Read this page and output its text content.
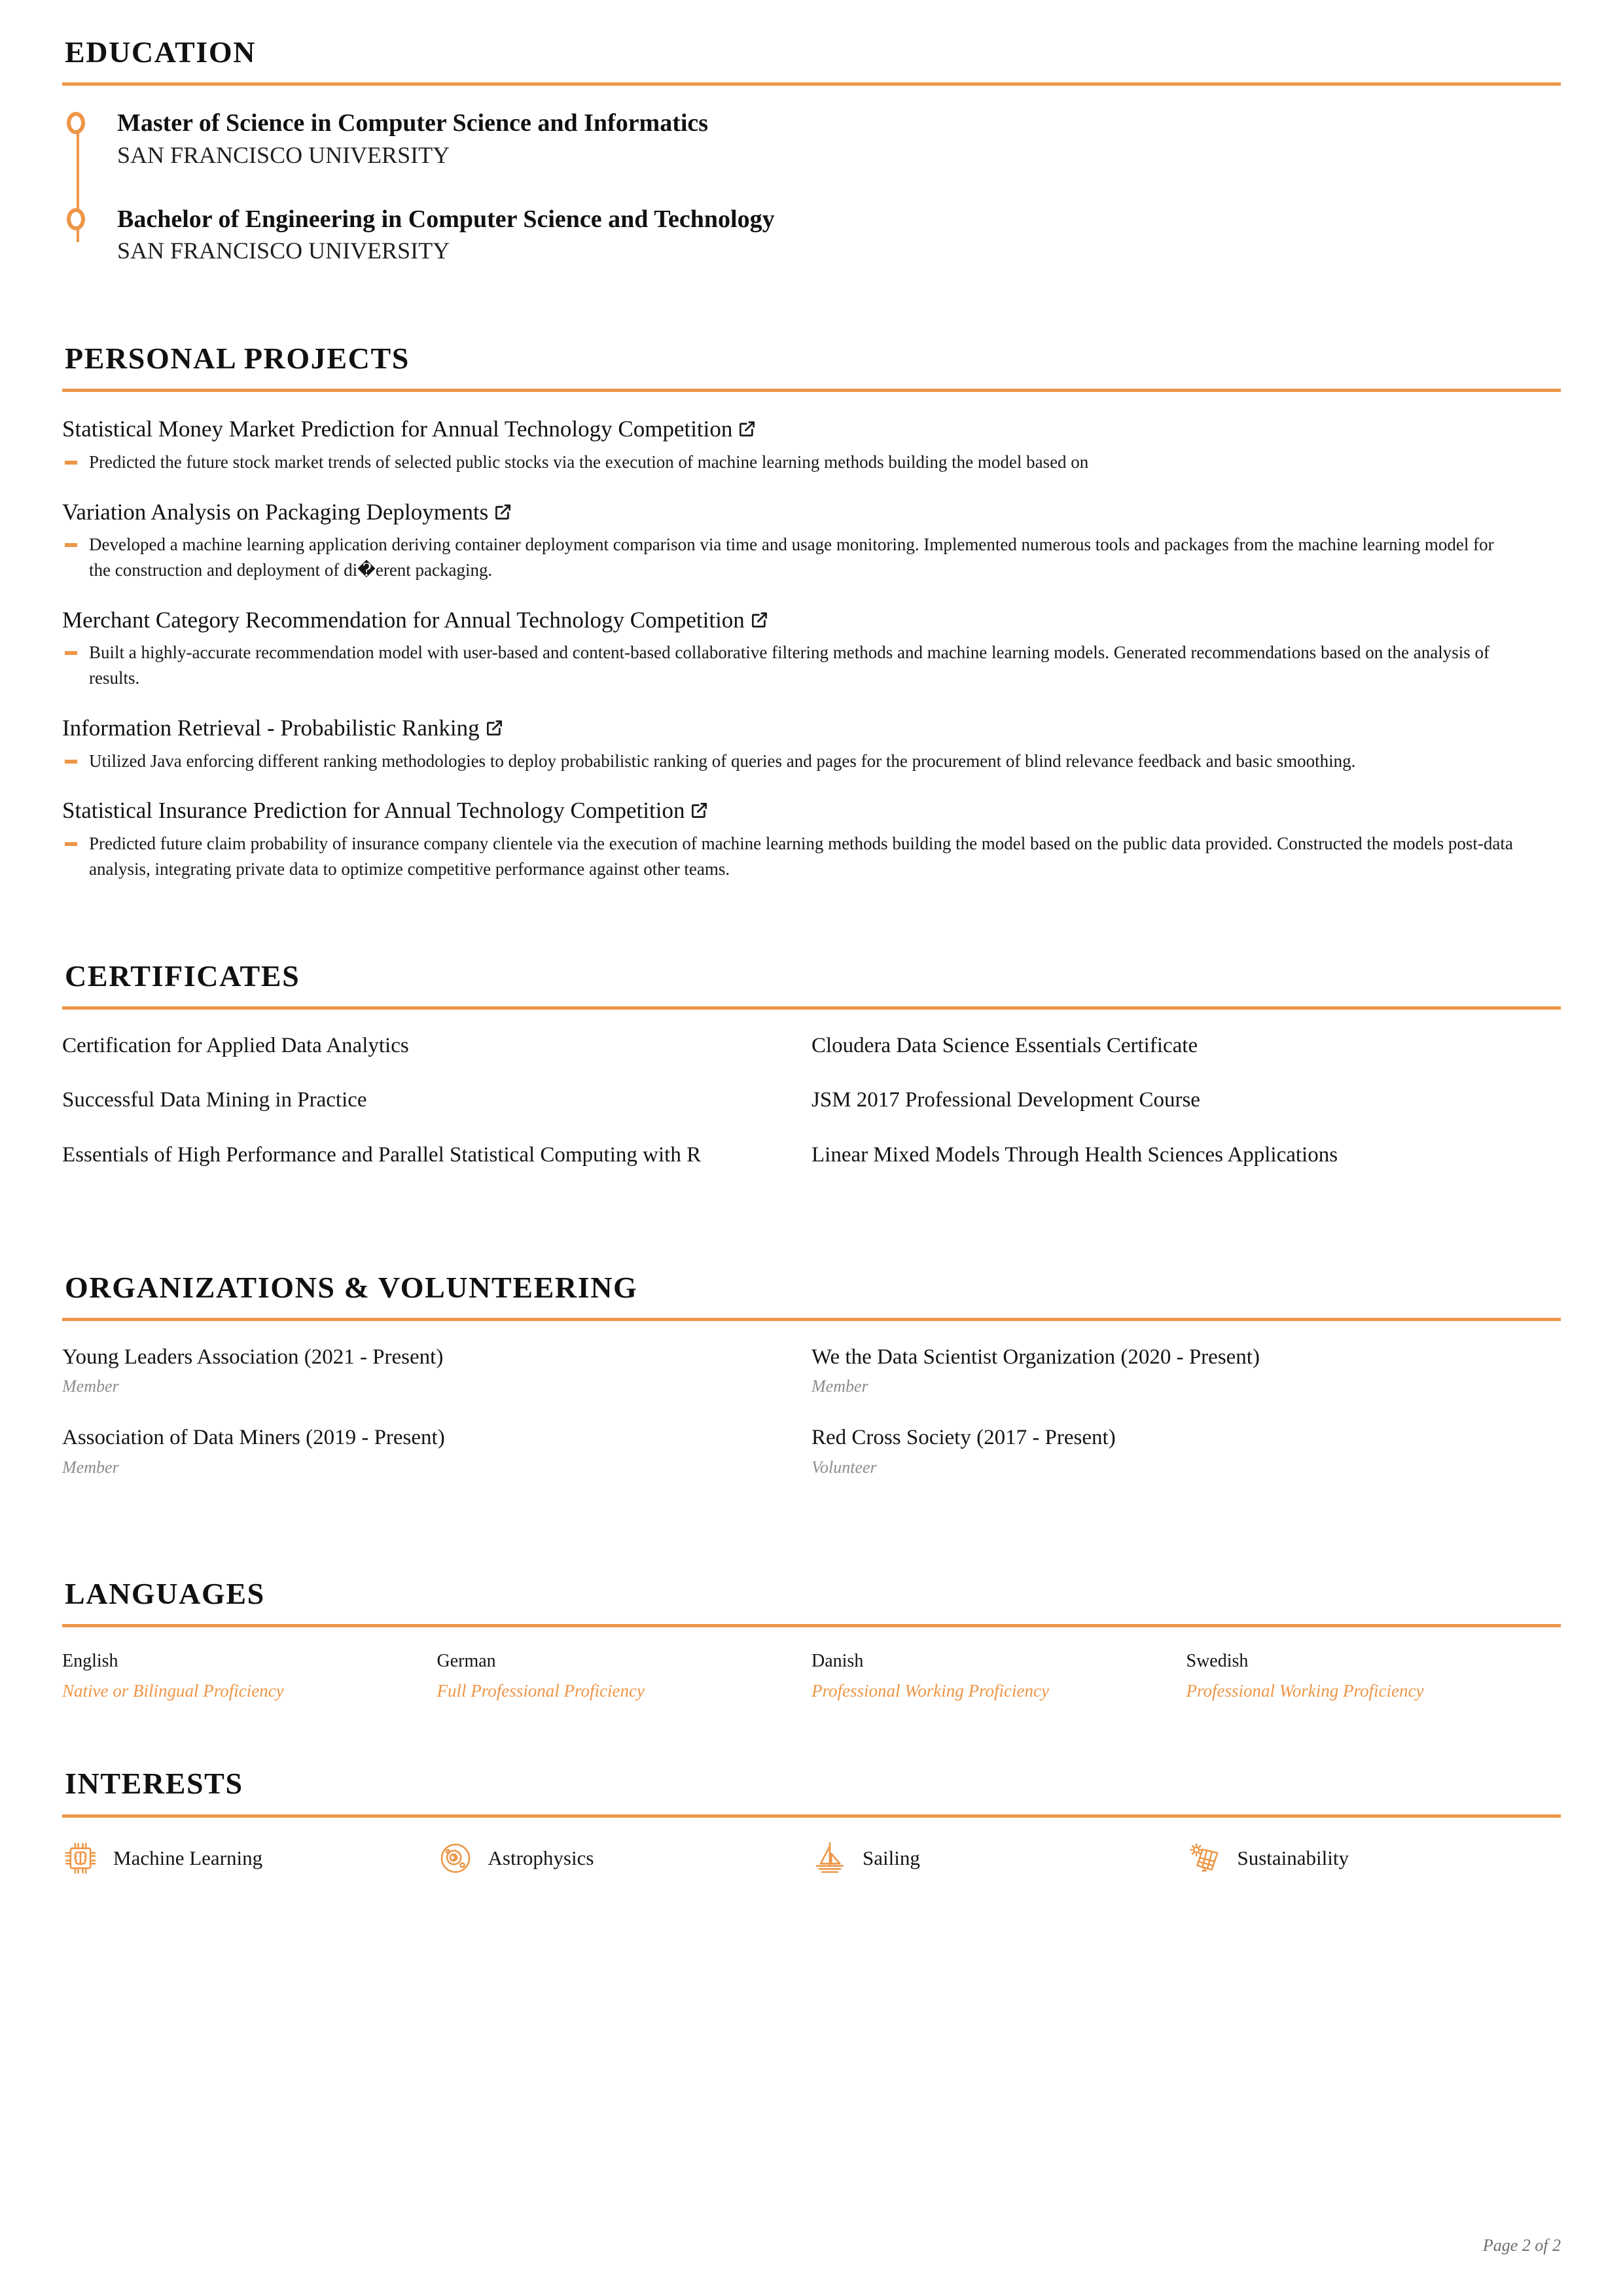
EDUCATION
Master of Science in Computer Science and Informatics
SAN FRANCISCO UNIVERSITY
Bachelor of Engineering in Computer Science and Technology
SAN FRANCISCO UNIVERSITY
PERSONAL PROJECTS
Statistical Money Market Prediction for Annual Technology Competition
Predicted the future stock market trends of selected public stocks via the execution of machine learning methods building the model based on
Variation Analysis on Packaging Deployments
Developed a machine learning application deriving container deployment comparison via time and usage monitoring. Implemented numerous tools and packages from the machine learning model for the construction and deployment of di�erent packaging.
Merchant Category Recommendation for Annual Technology Competition
Built a highly-accurate recommendation model with user-based and content-based collaborative filtering methods and machine learning models. Generated recommendations based on the analysis of results.
Information Retrieval - Probabilistic Ranking
Utilized Java enforcing different ranking methodologies to deploy probabilistic ranking of queries and pages for the procurement of blind relevance feedback and basic smoothing.
Statistical Insurance Prediction for Annual Technology Competition
Predicted future claim probability of insurance company clientele via the execution of machine learning methods building the model based on the public data provided. Constructed the models post-data analysis, integrating private data to optimize competitive performance against other teams.
CERTIFICATES
Certification for Applied Data Analytics	Cloudera Data Science Essentials Certificate
Successful Data Mining in Practice	JSM 2017 Professional Development Course
Essentials of High Performance and Parallel Statistical Computing with R	Linear Mixed Models Through Health Sciences Applications
ORGANIZATIONS & VOLUNTEERING
Young Leaders Association (2021 - Present)
Member
We the Data Scientist Organization (2020 - Present)
Member
Association of Data Miners (2019 - Present)
Member
Red Cross Society (2017 - Present)
Volunteer
LANGUAGES
English
Native or Bilingual Proficiency
German
Full Professional Proficiency
Danish
Professional Working Proficiency
Swedish
Professional Working Proficiency
INTERESTS
Machine Learning	Astrophysics	Sailing	Sustainability
Page 2 of 2
